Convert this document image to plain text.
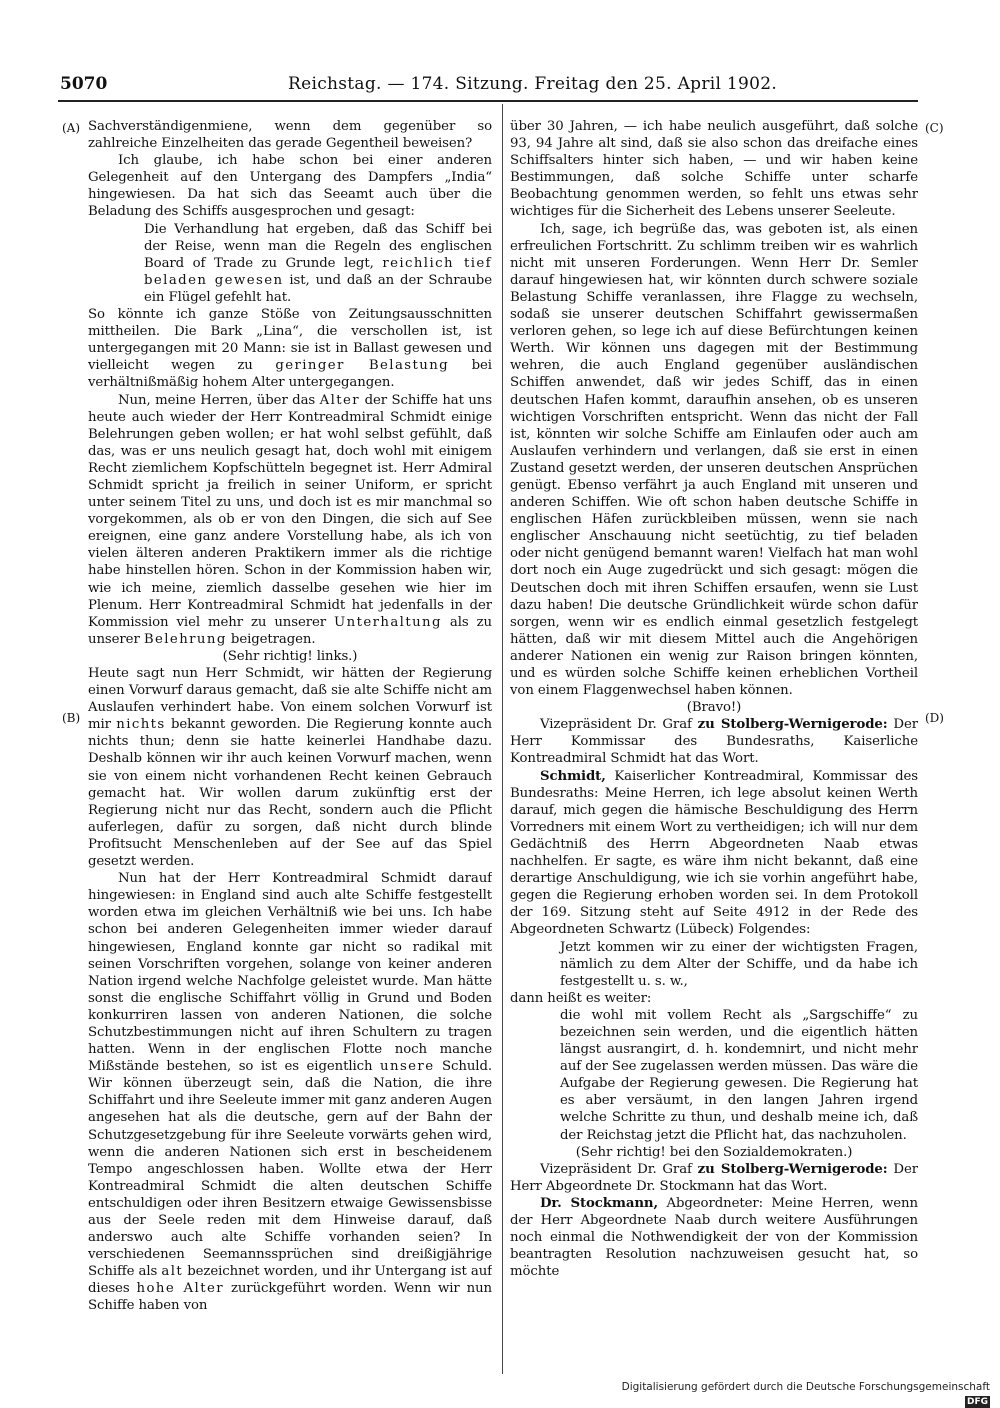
5070	Reichstag. — 174. Sitzung. Freitag den 25. April 1902.
(A)
(B)
(C)
(D)

Sachverständigenmiene, wenn dem gegenüber so zahlreiche Einzelheiten das gerade Gegentheil beweisen?

Ich glaube, ich habe schon bei einer anderen Gelegenheit auf den Untergang des Dampfers „India“ hingewiesen. Da hat sich das Seeamt auch über die Beladung des Schiffs ausgesprochen und gesagt:

Die Verhandlung hat ergeben, daß das Schiff bei der Reise, wenn man die Regeln des englischen Board of Trade zu Grunde legt, reichlich tief beladen gewesen ist, und daß an der Schraube ein Flügel gefehlt hat.

So könnte ich ganze Stöße von Zeitungsausschnitten mittheilen. Die Bark „Lina“, die verschollen ist, ist untergegangen mit 20 Mann: sie ist in Ballast gewesen und vielleicht wegen zu geringer Belastung bei verhältnißmäßig hohem Alter untergegangen.

Nun, meine Herren, über das Alter der Schiffe hat uns heute auch wieder der Herr Kontreadmiral Schmidt einige Belehrungen geben wollen; er hat wohl selbst gefühlt, daß das, was er uns neulich gesagt hat, doch wohl mit einigem Recht ziemlichem Kopfschütteln begegnet ist. Herr Admiral Schmidt spricht ja freilich in seiner Uniform, er spricht unter seinem Titel zu uns, und doch ist es mir manchmal so vorgekommen, als ob er von den Dingen, die sich auf See ereignen, eine ganz andere Vorstellung habe, als ich von vielen älteren anderen Praktikern immer als die richtige habe hinstellen hören. Schon in der Kommission haben wir, wie ich meine, ziemlich dasselbe gesehen wie hier im Plenum. Herr Kontreadmiral Schmidt hat jedenfalls in der Kommission viel mehr zu unserer Unterhaltung als zu unserer Belehrung beigetragen.

(Sehr richtig! links.)

Heute sagt nun Herr Schmidt, wir hätten der Regierung einen Vorwurf daraus gemacht, daß sie alte Schiffe nicht am Auslaufen verhindert habe. Von einem solchen Vorwurf ist mir nichts bekannt geworden. Die Regierung konnte auch nichts thun; denn sie hatte keinerlei Handhabe dazu. Deshalb können wir ihr auch keinen Vorwurf machen, wenn sie von einem nicht vorhandenen Recht keinen Gebrauch gemacht hat. Wir wollen darum zukünftig erst der Regierung nicht nur das Recht, sondern auch die Pflicht auferlegen, dafür zu sorgen, daß nicht durch blinde Profitsucht Menschenleben auf der See auf das Spiel gesetzt werden.

Nun hat der Herr Kontreadmiral Schmidt darauf hingewiesen: in England sind auch alte Schiffe festgestellt worden etwa im gleichen Verhältniß wie bei uns. Ich habe schon bei anderen Gelegenheiten immer wieder darauf hingewiesen, England konnte gar nicht so radikal mit seinen Vorschriften vorgehen, solange von keiner anderen Nation irgend welche Nachfolge geleistet wurde. Man hätte sonst die englische Schiffahrt völlig in Grund und Boden konkurriren lassen von anderen Nationen, die solche Schutzbestimmungen nicht auf ihren Schultern zu tragen hatten. Wenn in der englischen Flotte noch manche Mißstände bestehen, so ist es eigentlich unsere Schuld. Wir können überzeugt sein, daß die Nation, die ihre Schiffahrt und ihre Seeleute immer mit ganz anderen Augen angesehen hat als die deutsche, gern auf der Bahn der Schutzgesetzgebung für ihre Seeleute vorwärts gehen wird, wenn die anderen Nationen sich erst in bescheidenem Tempo angeschlossen haben. Wollte etwa der Herr Kontreadmiral Schmidt die alten deutschen Schiffe entschuldigen oder ihren Besitzern etwaige Gewissensbisse aus der Seele reden mit dem Hinweise darauf, daß anderswo auch alte Schiffe vorhanden seien? In verschiedenen Seemannssprüchen sind dreißigjährige Schiffe als alt bezeichnet worden, und ihr Untergang ist auf dieses hohe Alter zurückgeführt worden. Wenn wir nun Schiffe haben von

über 30 Jahren, — ich habe neulich ausgeführt, daß solche 93, 94 Jahre alt sind, daß sie also schon das dreifache eines Schiffsalters hinter sich haben, — und wir haben keine Bestimmungen, daß solche Schiffe unter scharfe Beobachtung genommen werden, so fehlt uns etwas sehr wichtiges für die Sicherheit des Lebens unserer Seeleute.

Ich, sage, ich begrüße das, was geboten ist, als einen erfreulichen Fortschritt. Zu schlimm treiben wir es wahrlich nicht mit unseren Forderungen. Wenn Herr Dr. Semler darauf hingewiesen hat, wir könnten durch schwere soziale Belastung Schiffe veranlassen, ihre Flagge zu wechseln, sodaß sie unserer deutschen Schiffahrt gewissermaßen verloren gehen, so lege ich auf diese Befürchtungen keinen Werth. Wir können uns dagegen mit der Bestimmung wehren, die auch England gegenüber ausländischen Schiffen anwendet, daß wir jedes Schiff, das in einen deutschen Hafen kommt, daraufhin ansehen, ob es unseren wichtigen Vorschriften entspricht. Wenn das nicht der Fall ist, könnten wir solche Schiffe am Einlaufen oder auch am Auslaufen verhindern und verlangen, daß sie erst in einen Zustand gesetzt werden, der unseren deutschen Ansprüchen genügt. Ebenso verfährt ja auch England mit unseren und anderen Schiffen. Wie oft schon haben deutsche Schiffe in englischen Häfen zurückbleiben müssen, wenn sie nach englischer Anschauung nicht seetüchtig, zu tief beladen oder nicht genügend bemannt waren! Vielfach hat man wohl dort noch ein Auge zugedrückt und sich gesagt: mögen die Deutschen doch mit ihren Schiffen ersaufen, wenn sie Lust dazu haben! Die deutsche Gründlichkeit würde schon dafür sorgen, wenn wir es endlich einmal gesetzlich festgelegt hätten, daß wir mit diesem Mittel auch die Angehörigen anderer Nationen ein wenig zur Raison bringen könnten, und es würden solche Schiffe keinen erheblichen Vortheil von einem Flaggenwechsel haben können.

(Bravo!)

Vizepräsident Dr. Graf zu Stolberg-Wernigerode: Der Herr Kommissar des Bundesraths, Kaiserliche Kontreadmiral Schmidt hat das Wort.

Schmidt, Kaiserlicher Kontreadmiral, Kommissar des Bundesraths: Meine Herren, ich lege absolut keinen Werth darauf, mich gegen die hämische Beschuldigung des Herrn Vorredners mit einem Wort zu vertheidigen; ich will nur dem Gedächtniß des Herrn Abgeordneten Naab etwas nachhelfen. Er sagte, es wäre ihm nicht bekannt, daß eine derartige Anschuldigung, wie ich sie vorhin angeführt habe, gegen die Regierung erhoben worden sei. In dem Protokoll der 169. Sitzung steht auf Seite 4912 in der Rede des Abgeordneten Schwartz (Lübeck) Folgendes:

Jetzt kommen wir zu einer der wichtigsten Fragen, nämlich zu dem Alter der Schiffe, und da habe ich festgestellt u. s. w.,

dann heißt es weiter:

die wohl mit vollem Recht als „Sargschiffe“ zu bezeichnen sein werden, und die eigentlich hätten längst ausrangirt, d. h. kondemnirt, und nicht mehr auf der See zugelassen werden müssen. Das wäre die Aufgabe der Regierung gewesen. Die Regierung hat es aber versäumt, in den langen Jahren irgend welche Schritte zu thun, und deshalb meine ich, daß der Reichstag jetzt die Pflicht hat, das nachzuholen.

(Sehr richtig! bei den Sozialdemokraten.)

Vizepräsident Dr. Graf zu Stolberg-Wernigerode: Der Herr Abgeordnete Dr. Stockmann hat das Wort.

Dr. Stockmann, Abgeordneter: Meine Herren, wenn der Herr Abgeordnete Naab durch weitere Ausführungen noch einmal die Nothwendigkeit der von der Kommission beantragten Resolution nachzuweisen gesucht hat, so möchte

Digitalisierung gefördert durch die Deutsche ForschungsgemeinschaftDFG
